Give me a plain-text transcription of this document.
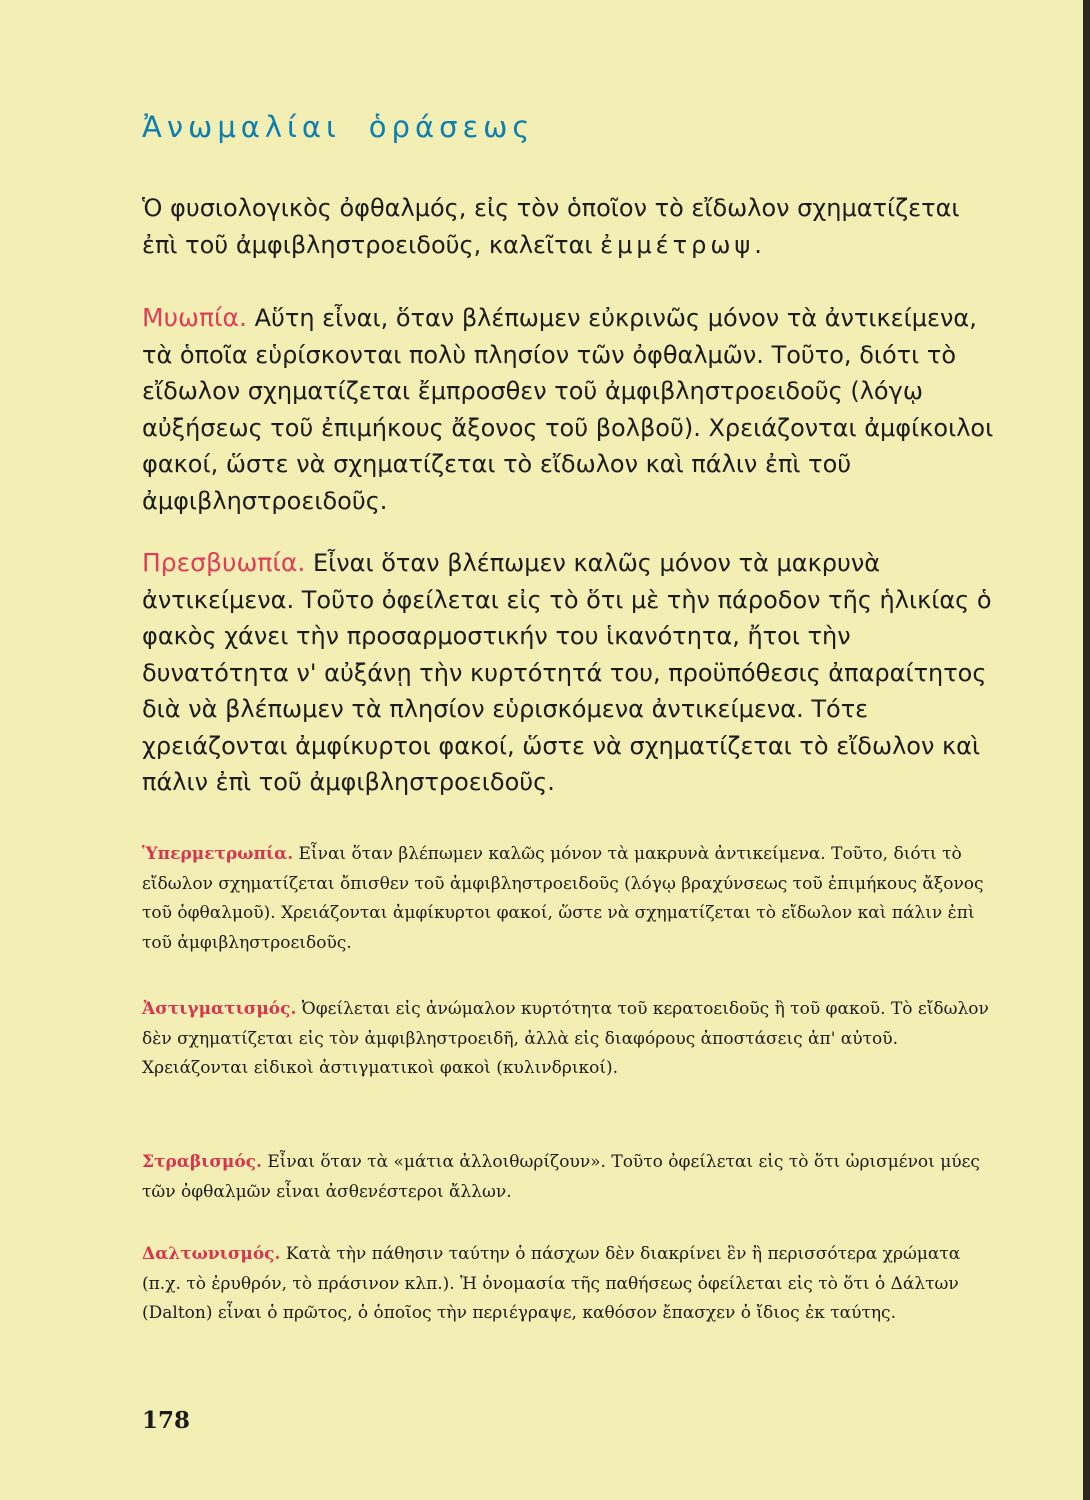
Ἀνωμαλίαι ὁράσεως

Ὁ φυσιολογικὸς ὀφθαλμός, εἰς τὸν ὁποῖον τὸ εἴδωλον σχηματίζεται ἐπὶ τοῦ ἀμφιβληστροειδοῦς, καλεῖται ἐμμέτρωψ.

Μυωπία. Αὕτη εἶναι, ὅταν βλέπωμεν εὐκρινῶς μόνον τὰ ἀντικείμενα, τὰ ὁποῖα εὑρίσκονται πολὺ πλησίον τῶν ὀφθαλμῶν. Τοῦτο, διότι τὸ εἴδωλον σχηματίζεται ἔμπροσθεν τοῦ ἀμφιβληστροειδοῦς (λόγῳ αὐξήσεως τοῦ ἐπιμήκους ἄξονος τοῦ βολβοῦ). Χρειάζονται ἀμφίκοιλοι φακοί, ὥστε νὰ σχηματίζεται τὸ εἴδωλον καὶ πάλιν ἐπὶ τοῦ ἀμφιβληστροειδοῦς.

Πρεσβυωπία. Εἶναι ὅταν βλέπωμεν καλῶς μόνον τὰ μακρυνὰ ἀντικείμενα. Τοῦτο ὀφείλεται εἰς τὸ ὅτι μὲ τὴν πάροδον τῆς ἡλικίας ὁ φακὸς χάνει τὴν προσαρμοστικήν του ἱκανότητα, ἤτοι τὴν δυνατότητα ν' αὐξάνῃ τὴν κυρτότητά του, προϋπόθεσις ἀπαραίτητος διὰ νὰ βλέπωμεν τὰ πλησίον εὑρισκόμενα ἀντικείμενα. Τότε χρειάζονται ἀμφίκυρτοι φακοί, ὥστε νὰ σχηματίζεται τὸ εἴδωλον καὶ πάλιν ἐπὶ τοῦ ἀμφιβληστροειδοῦς.

Ὑπερμετρωπία. Εἶναι ὅταν βλέπωμεν καλῶς μόνον τὰ μακρυνὰ ἀντικείμενα. Τοῦτο, διότι τὸ εἴδωλον σχηματίζεται ὄπισθεν τοῦ ἀμφιβληστροειδοῦς (λόγῳ βραχύνσεως τοῦ ἐπιμήκους ἄξονος τοῦ ὀφθαλμοῦ). Χρειάζονται ἀμφίκυρτοι φακοί, ὥστε νὰ σχηματίζεται τὸ εἴδωλον καὶ πάλιν ἐπὶ τοῦ ἀμφιβληστροειδοῦς.

Ἀστιγματισμός. Ὀφείλεται εἰς ἀνώμαλον κυρτότητα τοῦ κερατοειδοῦς ἢ τοῦ φακοῦ. Τὸ εἴδωλον δὲν σχηματίζεται εἰς τὸν ἀμφιβληστροειδῆ, ἀλλὰ εἰς διαφόρους ἀποστάσεις ἀπ' αὐτοῦ. Χρειάζονται εἰδικοὶ ἀστιγματικοὶ φακοὶ (κυλινδρικοί).

Στραβισμός. Εἶναι ὅταν τὰ «μάτια ἀλλοιθωρίζουν». Τοῦτο ὀφείλεται εἰς τὸ ὅτι ὡρισμένοι μύες τῶν ὀφθαλμῶν εἶναι ἀσθενέστεροι ἄλλων.

Δαλτωνισμός. Κατὰ τὴν πάθησιν ταύτην ὁ πάσχων δὲν διακρίνει ἓν ἢ περισσότερα χρώματα (π.χ. τὸ ἐρυθρόν, τὸ πράσινον κλπ.). Ἡ ὀνομασία τῆς παθήσεως ὀφείλεται εἰς τὸ ὅτι ὁ Δάλτων (Dalton) εἶναι ὁ πρῶτος, ὁ ὁποῖος τὴν περιέγραψε, καθόσον ἔπασχεν ὁ ἴδιος ἐκ ταύτης.

178
